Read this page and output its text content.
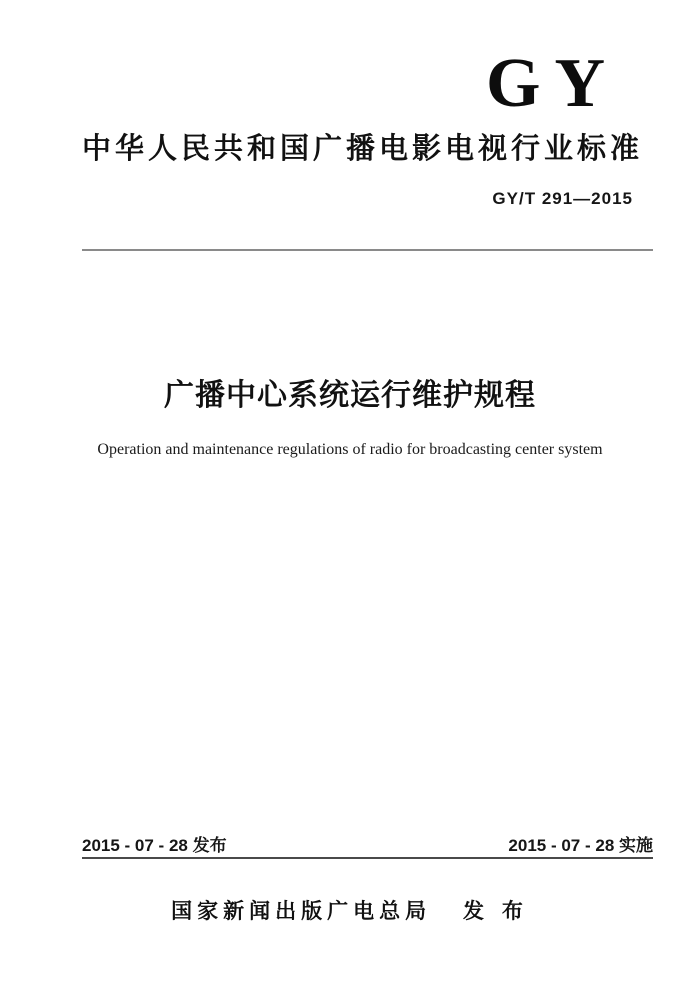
GY
中华人民共和国广播电影电视行业标准
GY/T 291—2015
广播中心系统运行维护规程
Operation and maintenance regulations of radio for broadcasting center system
2015 - 07 - 28 发布	2015 - 07 - 28 实施
国家新闻出版广电总局 发 布
